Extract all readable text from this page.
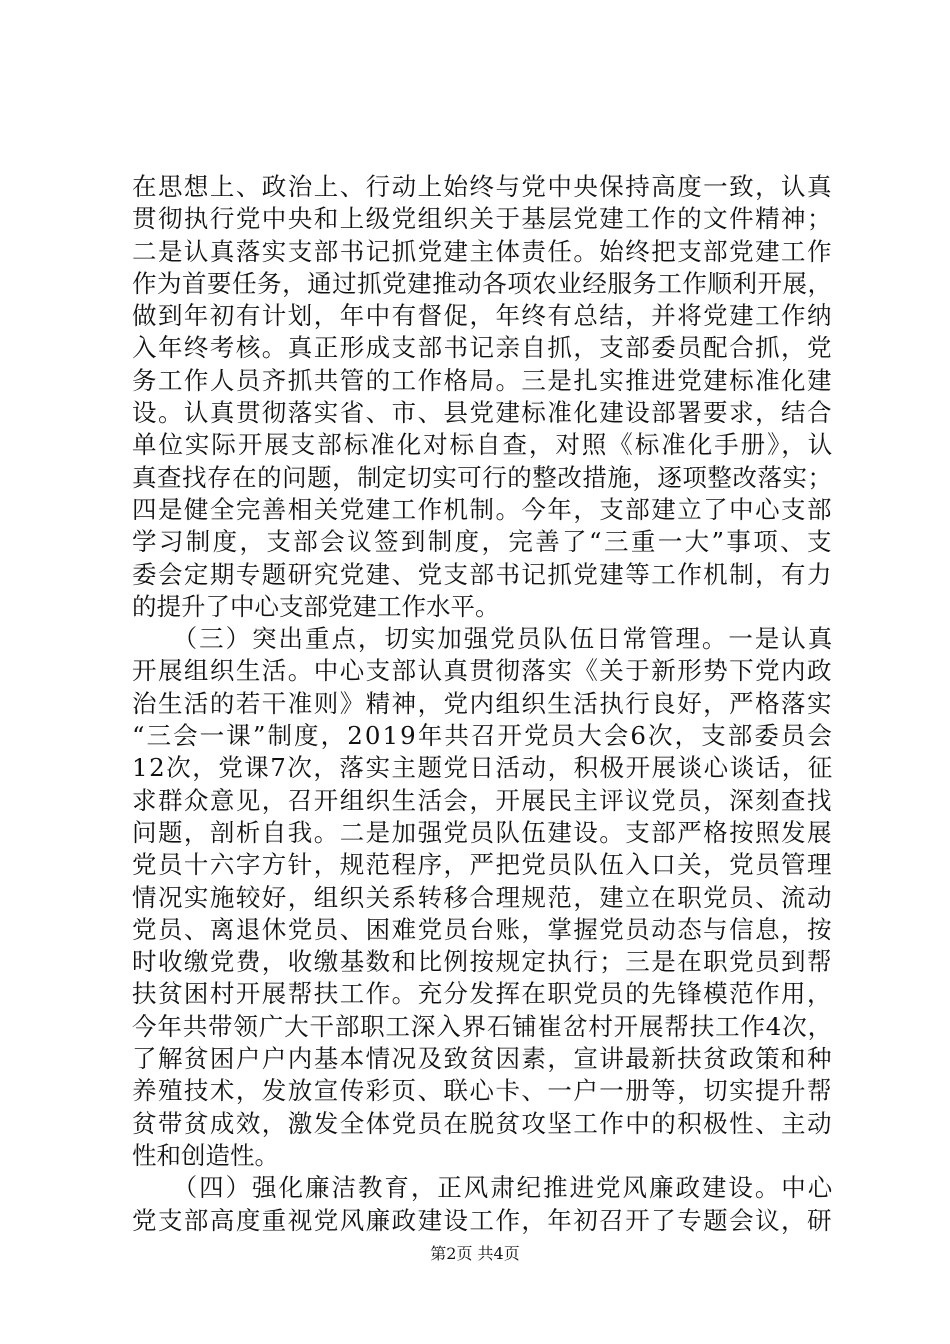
在思想上、政治上、行动上始终与党中央保持高度一致，认真
贯彻执行党中央和上级党组织关于基层党建工作的文件精神；
二是认真落实支部书记抓党建主体责任。始终把支部党建工作
作为首要任务，通过抓党建推动各项农业经服务工作顺利开展，
做到年初有计划，年中有督促，年终有总结，并将党建工作纳
入年终考核。真正形成支部书记亲自抓，支部委员配合抓，党
务工作人员齐抓共管的工作格局。三是扎实推进党建标准化建
设。认真贯彻落实省、市、县党建标准化建设部署要求，结合
单位实际开展支部标准化对标自查，对照《标准化手册》，认
真查找存在的问题，制定切实可行的整改措施，逐项整改落实；
四是健全完善相关党建工作机制。今年，支部建立了中心支部
学习制度，支部会议签到制度，完善了“三重一大”事项、支
委会定期专题研究党建、党支部书记抓党建等工作机制，有力
的提升了中心支部党建工作水平。
　　（三）突出重点，切实加强党员队伍日常管理。一是认真
开展组织生活。中心支部认真贯彻落实《关于新形势下党内政
治生活的若干准则》精神，党内组织生活执行良好，严格落实
“三会一课”制度，2019年共召开党员大会6次，支部委员会
12次，党课7次，落实主题党日活动，积极开展谈心谈话，征
求群众意见，召开组织生活会，开展民主评议党员，深刻查找
问题，剖析自我。二是加强党员队伍建设。支部严格按照发展
党员十六字方针，规范程序，严把党员队伍入口关，党员管理
情况实施较好，组织关系转移合理规范，建立在职党员、流动
党员、离退休党员、困难党员台账，掌握党员动态与信息，按
时收缴党费，收缴基数和比例按规定执行；三是在职党员到帮
扶贫困村开展帮扶工作。充分发挥在职党员的先锋模范作用，
今年共带领广大干部职工深入界石铺崔岔村开展帮扶工作4次，
了解贫困户户内基本情况及致贫因素，宣讲最新扶贫政策和种
养殖技术，发放宣传彩页、联心卡、一户一册等，切实提升帮
贫带贫成效，激发全体党员在脱贫攻坚工作中的积极性、主动
性和创造性。
　　（四）强化廉洁教育，正风肃纪推进党风廉政建设。中心
党支部高度重视党风廉政建设工作，年初召开了专题会议，研
第2页 共4页
